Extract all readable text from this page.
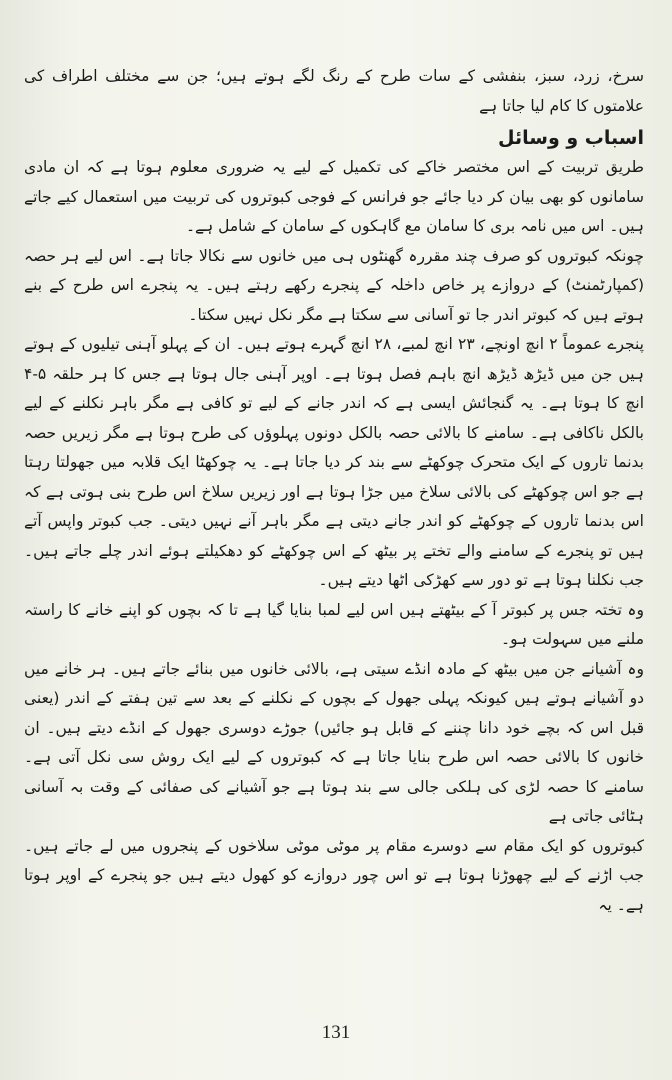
سرخ، زرد، سبز، بنفشی کے سات طرح کے رنگ لگے ہوتے ہیں؛ جن سے مختلف اطراف کی علامتوں کا کام لیا جاتا ہے

اسباب و وسائل

طریق تربیت کے اس مختصر خاکے کی تکمیل کے لیے یہ ضروری معلوم ہوتا ہے کہ ان مادی سامانوں کو بھی بیان کر دیا جائے جو فرانس کے فوجی کبوتروں کی تربیت میں استعمال کیے جاتے ہیں۔ اس میں نامہ بری کا سامان مع گاہکوں کے سامان کے شامل ہے۔

چونکہ کبوتروں کو صرف چند مقررہ گھنٹوں ہی میں خانوں سے نکالا جاتا ہے۔ اس لیے ہر حصہ (کمپارٹمنٹ) کے دروازے پر خاص داخلہ کے پنجرے رکھے رہتے ہیں۔ یہ پنجرے اس طرح کے بنے ہوتے ہیں کہ کبوتر اندر جا تو آسانی سے سکتا ہے مگر نکل نہیں سکتا۔

پنجرے عموماً ۲ انچ اونچے، ۲۳ انچ لمبے، ۲۸ انچ گہرے ہوتے ہیں۔ ان کے پہلو آہنی تیلیوں کے ہوتے ہیں جن میں ڈیڑھ ڈیڑھ انچ باہم فصل ہوتا ہے۔ اوپر آہنی جال ہوتا ہے جس کا ہر حلقہ ۵-۴ انچ کا ہوتا ہے۔ یہ گنجائش ایسی ہے کہ اندر جانے کے لیے تو کافی ہے مگر باہر نکلنے کے لیے بالکل ناکافی ہے۔ سامنے کا بالائی حصہ بالکل دونوں پہلوؤں کی طرح ہوتا ہے مگر زیریں حصہ بدنما تاروں کے ایک متحرک چوکھٹے سے بند کر دیا جاتا ہے۔ یہ چوکھٹا ایک قلابہ میں جھولتا رہتا ہے جو اس چوکھٹے کی بالائی سلاخ میں جڑا ہوتا ہے اور زیریں سلاخ اس طرح بنی ہوتی ہے کہ اس بدنما تاروں کے چوکھٹے کو اندر جانے دیتی ہے مگر باہر آنے نہیں دیتی۔ جب کبوتر واپس آتے ہیں تو پنجرے کے سامنے والے تختے پر بیٹھ کے اس چوکھٹے کو دھکیلتے ہوئے اندر چلے جاتے ہیں۔ جب نکلنا ہوتا ہے تو دور سے کھڑکی اٹھا دیتے ہیں۔

وہ تختہ جس پر کبوتر آ کے بیٹھتے ہیں اس لیے لمبا بنایا گیا ہے تا کہ بچوں کو اپنے خانے کا راستہ ملنے میں سہولت ہو۔

وہ آشیانے جن میں بیٹھ کے مادہ انڈے سیتی ہے، بالائی خانوں میں بنائے جاتے ہیں۔ ہر خانے میں دو آشیانے ہوتے ہیں کیونکہ پہلی جھول کے بچوں کے نکلنے کے بعد سے تین ہفتے کے اندر (یعنی قبل اس کہ بچے خود دانا چننے کے قابل ہو جائیں) جوڑے دوسری جھول کے انڈے دیتے ہیں۔ ان خانوں کا بالائی حصہ اس طرح بنایا جاتا ہے کہ کبوتروں کے لیے ایک روش سی نکل آتی ہے۔ سامنے کا حصہ لڑی کی ہلکی جالی سے بند ہوتا ہے جو آشیانے کی صفائی کے وقت بہ آسانی ہٹائی جاتی ہے

کبوتروں کو ایک مقام سے دوسرے مقام پر موٹی موٹی سلاخوں کے پنجروں میں لے جاتے ہیں۔ جب اڑنے کے لیے چھوڑنا ہوتا ہے تو اس چور دروازے کو کھول دیتے ہیں جو پنجرے کے اوپر ہوتا ہے۔ یہ

131
